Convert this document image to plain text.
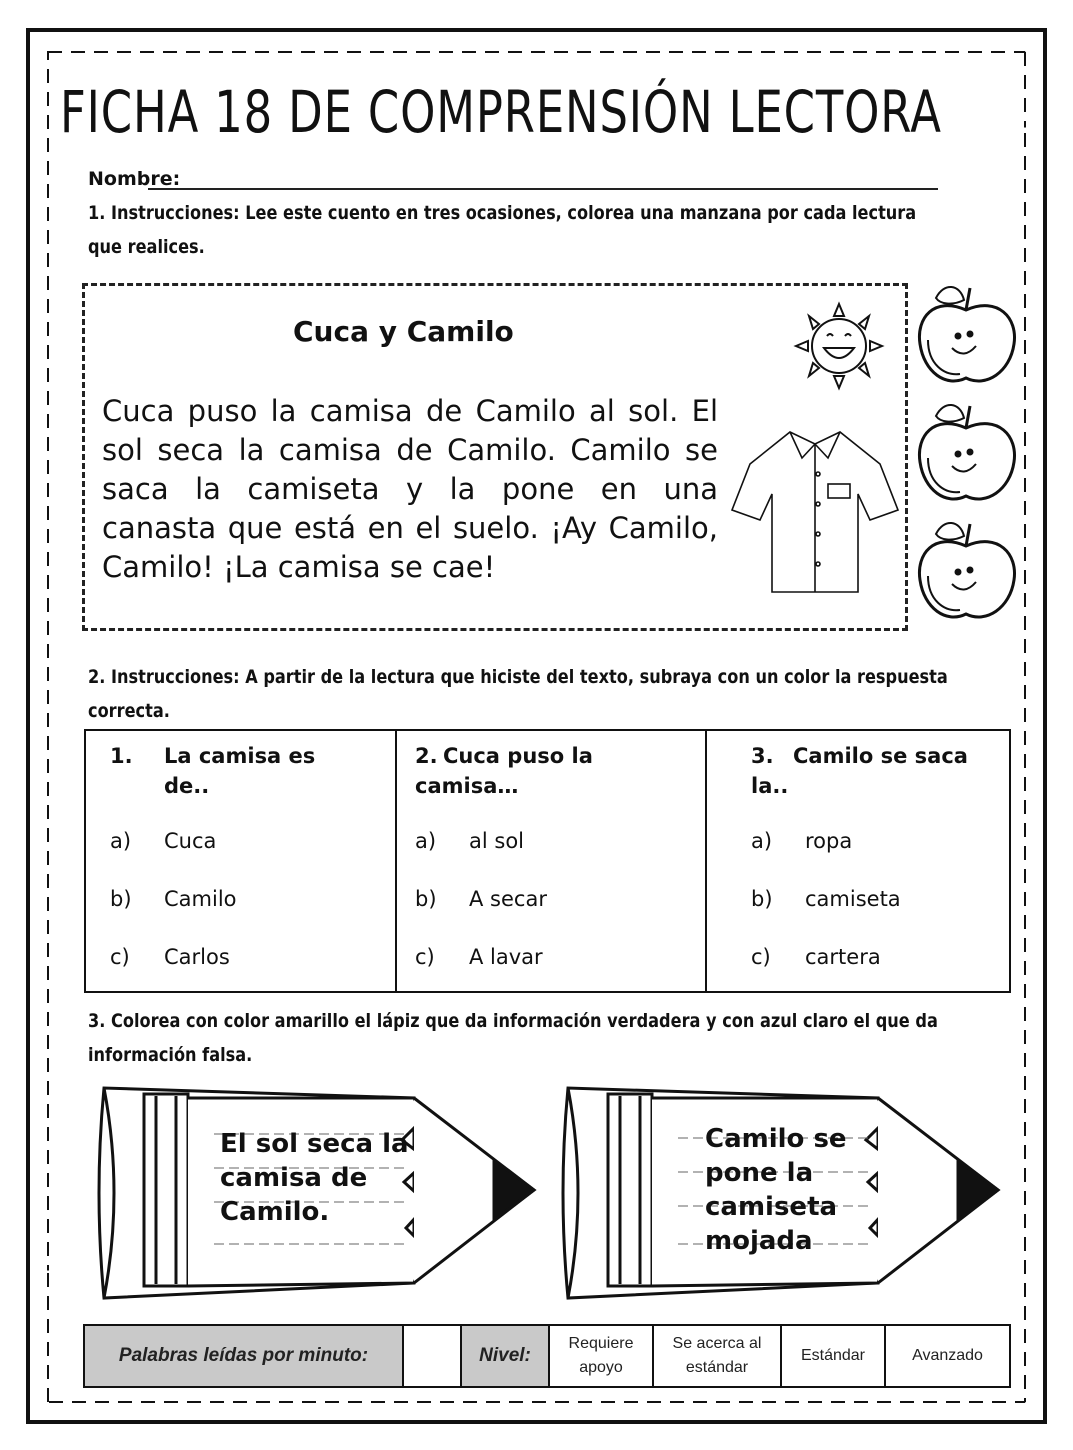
FICHA 18 DE COMPRENSIÓN LECTORA
Nombre:
1. Instrucciones: Lee este cuento en tres ocasiones, colorea una manzana por cada lectura
que realices.
Cuca y Camilo
Cuca puso la camisa de Camilo al sol. El sol seca la camisa de Camilo. Camilo se saca la camiseta y la pone en una canasta que está en el suelo. ¡Ay Camilo, Camilo! ¡La camisa se cae!
2. Instrucciones: A partir de la lectura que hiciste del texto, subraya con un color la respuesta
correcta.
1. La camisa es
de..
a) Cuca
b) Camilo
c) Carlos
2. Cuca puso la
camisa…
a) al sol
b) A secar
c) A lavar
3. Camilo se saca
la..
a) ropa
b) camiseta
c) cartera
3. Colorea con color amarillo el lápiz que da información verdadera y con azul claro el que da
información falsa.
El sol seca la
camisa de
Camilo.
Camilo se
pone la
camiseta
mojada
Palabras leídas por minuto:	Nivel:
Requiere apoyo
Se acerca al estándar
Estándar	Avanzado
